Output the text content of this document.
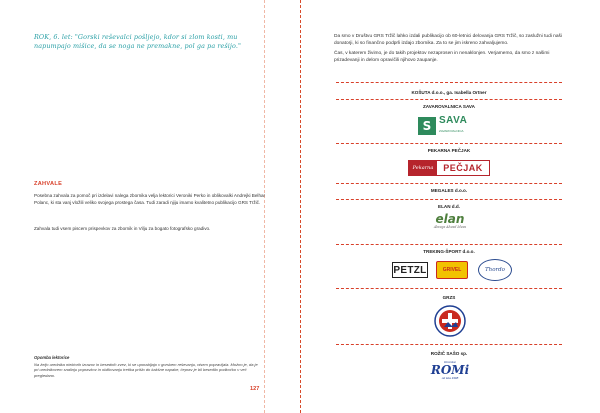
ROK, 6. let: "Gorski reševalci pošljejo, kdor si zlom kosti, mu napumpajo mišice, da se noga ne premakne, pol ga pa rešijo."
ZAHVALE
Posebna zahvala za pomoč pri izdelavi nalega zbornika velja lektorici Veroniki Perko in oblikovalki Andrejki Belhar Polanc, ki sta vanj vložili veliko svojega prostega časa. Tudi zaradi njiju imamo kvalitetno publikacijo GRS Tržič.
Zahvala tudi vsem piscem prispevkov za zbornik in Vilju za bogato fotografsko gradivo.
Opomba lektorice
Na željo urednika niektorih izrazov in besednih zvez, ki se uporabljajo v gorskem reševanju, nisem popravljala. Možno je, da je pri urednikovem snalinju popravkov in oblikovanju tretika prišlo do kakšne napake, čeprav je bil besedilo podkoćko v več pregledano.
127

Da smo v Društvu GRS Tržič lahko izdali publikacijo ob 60-letnici delovanja GRS Tržič, so zaslužni tudi naši donatorji, ki so finančno podprli izdajo zbornika. Za to se jim iskreno zahvaljujemo.

Čas, v katerem živimo, je do takih projektov nezaprosen in nenaklonjen. Verjamemo, da smo z našimi prizadevanji in delom opravičili njihovo zaupanje.

KOŠUTA d.o.o., ga. Isabella Ortner
ZAVAROVALNICA SAVA
S SAVA
ZAVAROVALNICA
PEKARNA PEČJAK
Pekarna	PEČJAK
MEGALES d.o.o.
ELAN d.d.
elan
Always Ahead Ideas
TREKING-ŠPORT d.o.o.
PETZL	GRIVEL	Thordo
GRZS
ROŽIČ SAŠO sp.
Dimnikar
ROMi
od leta 1998
